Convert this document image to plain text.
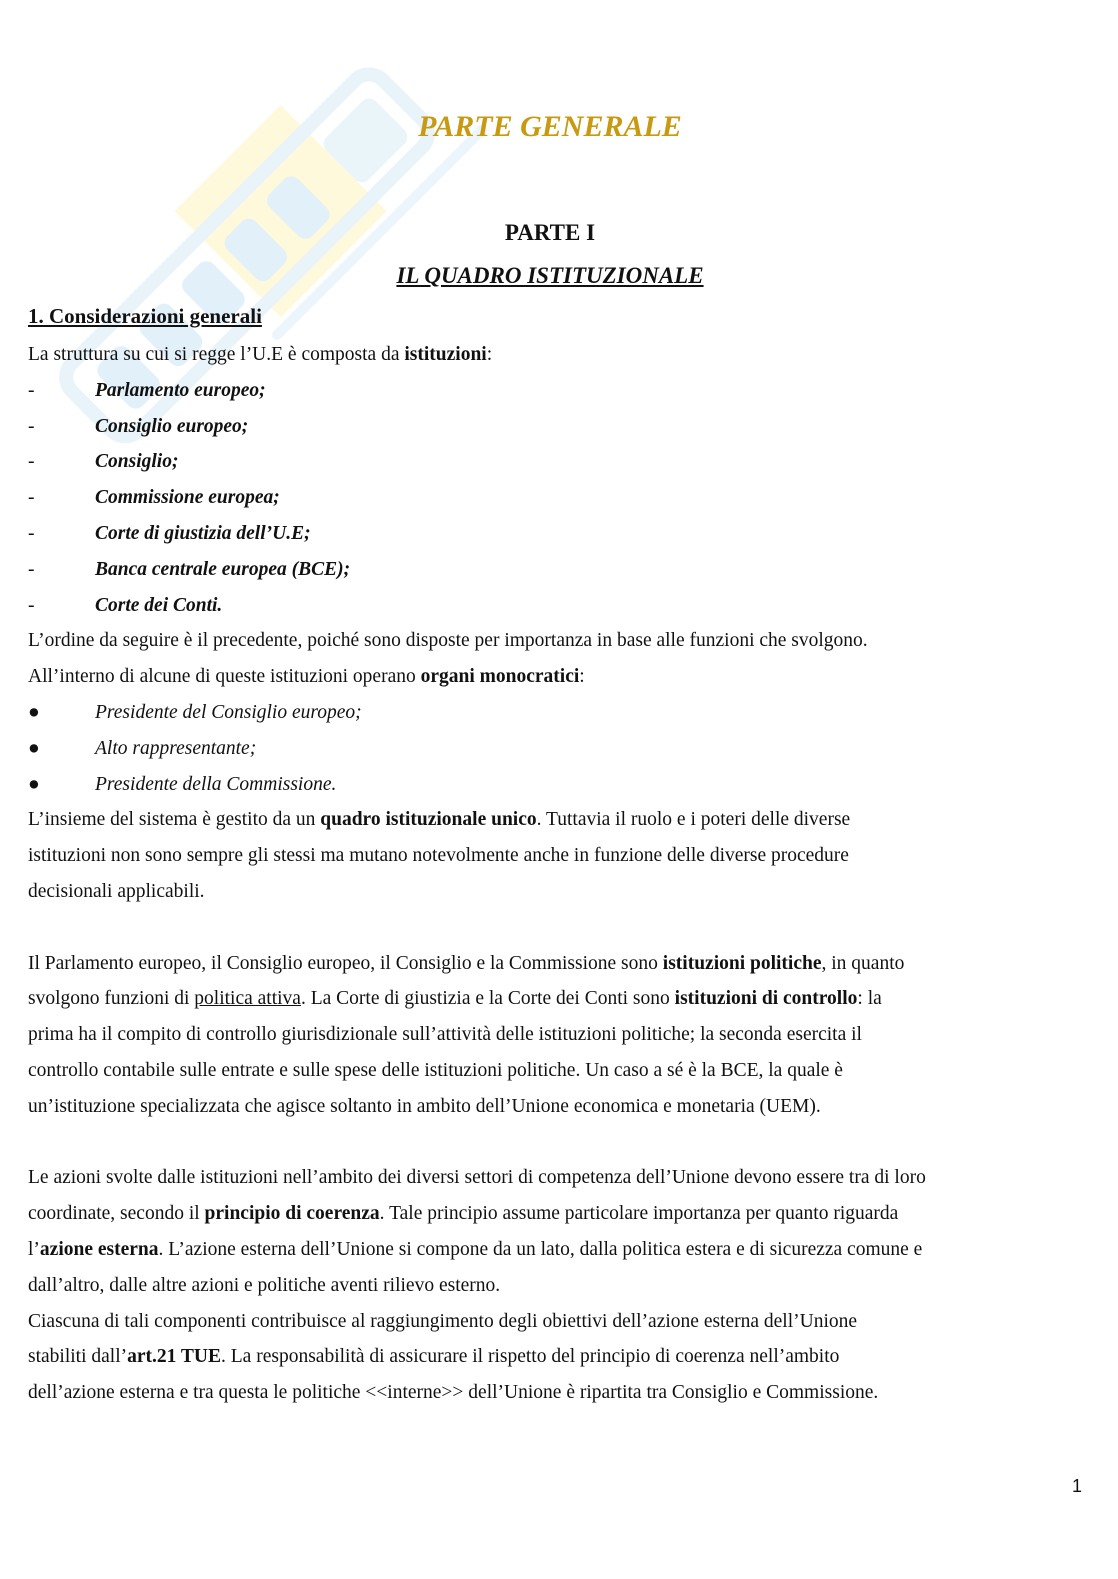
PARTE GENERALE
PARTE I
IL QUADRO ISTITUZIONALE
1. Considerazioni generali
La struttura su cui si regge l’U.E è composta da istituzioni:
-	Parlamento europeo;
-	Consiglio europeo;
-	Consiglio;
-	Commissione europea;
-	Corte di giustizia dell’U.E;
-	Banca centrale europea (BCE);
-	Corte dei Conti.
L’ordine da seguire è il precedente, poiché sono disposte per importanza in base alle funzioni che svolgono.
All’interno di alcune di queste istituzioni operano organi monocratici:
●	Presidente del Consiglio europeo;
●	Alto rappresentante;
●	Presidente della Commissione.
L’insieme del sistema è gestito da un quadro istituzionale unico. Tuttavia il ruolo e i poteri delle diverse
istituzioni non sono sempre gli stessi ma mutano notevolmente anche in funzione delle diverse procedure
decisionali applicabili.
Il Parlamento europeo, il Consiglio europeo, il Consiglio e la Commissione sono istituzioni politiche, in quanto
svolgono funzioni di politica attiva. La Corte di giustizia e la Corte dei Conti sono istituzioni di controllo: la
prima ha il compito di controllo giurisdizionale sull’attività delle istituzioni politiche; la seconda esercita il
controllo contabile sulle entrate e sulle spese delle istituzioni politiche. Un caso a sé è la BCE, la quale è
un’istituzione specializzata che agisce soltanto in ambito dell’Unione economica e monetaria (UEM).
Le azioni svolte dalle istituzioni nell’ambito dei diversi settori di competenza dell’Unione devono essere tra di loro
coordinate, secondo il principio di coerenza. Tale principio assume particolare importanza per quanto riguarda
l’azione esterna. L’azione esterna dell’Unione si compone da un lato, dalla politica estera e di sicurezza comune e
dall’altro, dalle altre azioni e politiche aventi rilievo esterno.
Ciascuna di tali componenti contribuisce al raggiungimento degli obiettivi dell’azione esterna dell’Unione
stabiliti dall’art.21 TUE. La responsabilità di assicurare il rispetto del principio di coerenza nell’ambito
dell’azione esterna e tra questa le politiche <<interne>> dell’Unione è ripartita tra Consiglio e Commissione.
1
